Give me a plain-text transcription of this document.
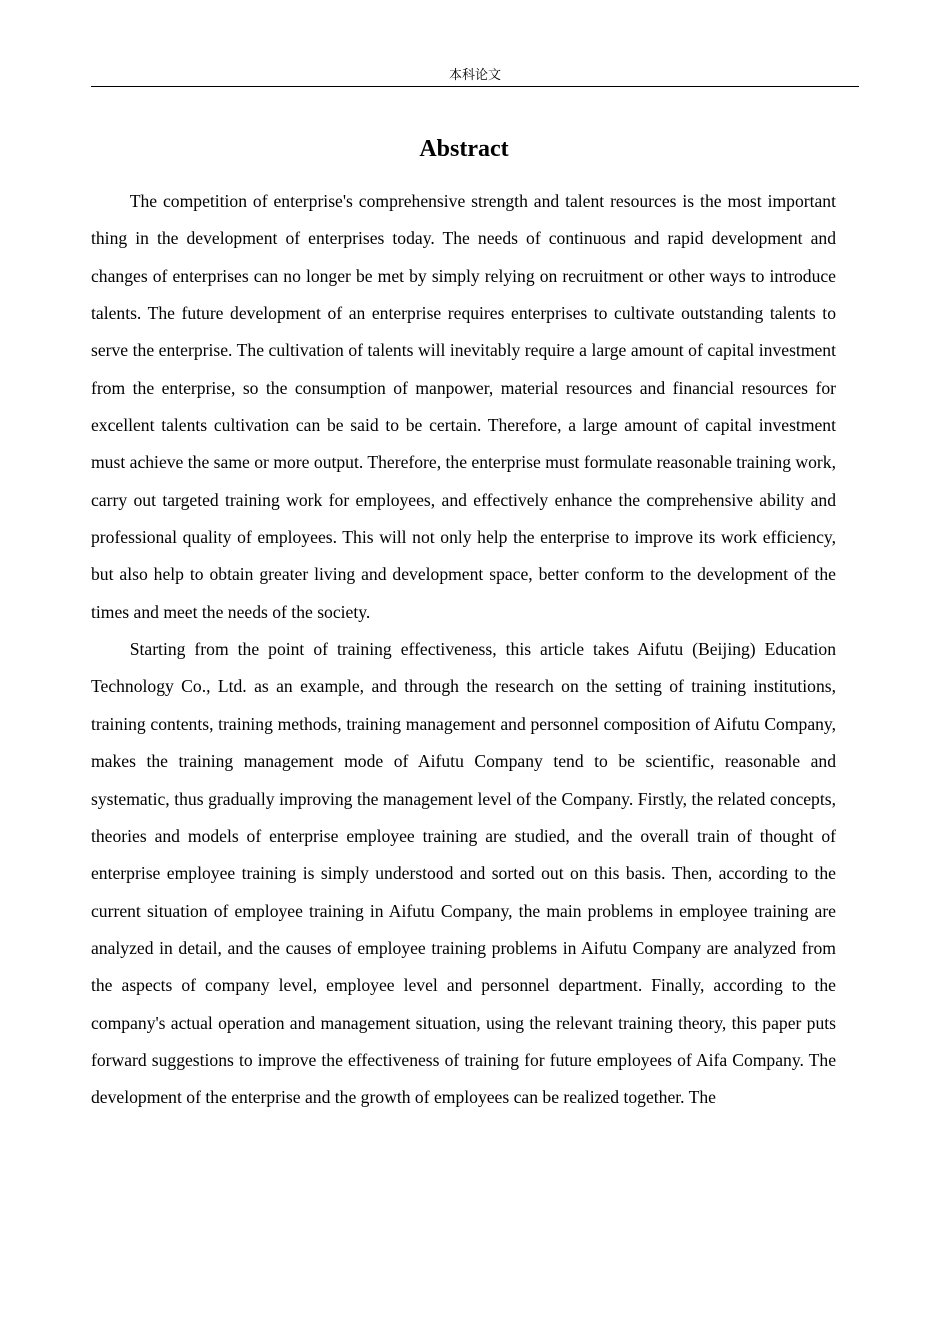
本科论文
Abstract

The competition of enterprise's comprehensive strength and talent resources is the most important thing in the development of enterprises today. The needs of continuous and rapid development and changes of enterprises can no longer be met by simply relying on recruitment or other ways to introduce talents. The future development of an enterprise requires enterprises to cultivate outstanding talents to serve the enterprise. The cultivation of talents will inevitably require a large amount of capital investment from the enterprise, so the consumption of manpower, material resources and financial resources for excellent talents cultivation can be said to be certain. Therefore, a large amount of capital investment must achieve the same or more output. Therefore, the enterprise must formulate reasonable training work, carry out targeted training work for employees, and effectively enhance the comprehensive ability and professional quality of employees. This will not only help the enterprise to improve its work efficiency, but also help to obtain greater living and development space, better conform to the development of the times and meet the needs of the society.

Starting from the point of training effectiveness, this article takes Aifutu (Beijing) Education Technology Co., Ltd. as an example, and through the research on the setting of training institutions, training contents, training methods, training management and personnel composition of Aifutu Company, makes the training management mode of Aifutu Company tend to be scientific, reasonable and systematic, thus gradually improving the management level of the Company. Firstly, the related concepts, theories and models of enterprise employee training are studied, and the overall train of thought of enterprise employee training is simply understood and sorted out on this basis. Then, according to the current situation of employee training in Aifutu Company, the main problems in employee training are analyzed in detail, and the causes of employee training problems in Aifutu Company are analyzed from the aspects of company level, employee level and personnel department. Finally, according to the company's actual operation and management situation, using the relevant training theory, this paper puts forward suggestions to improve the effectiveness of training for future employees of Aifa Company. The development of the enterprise and the growth of employees can be realized together. The
